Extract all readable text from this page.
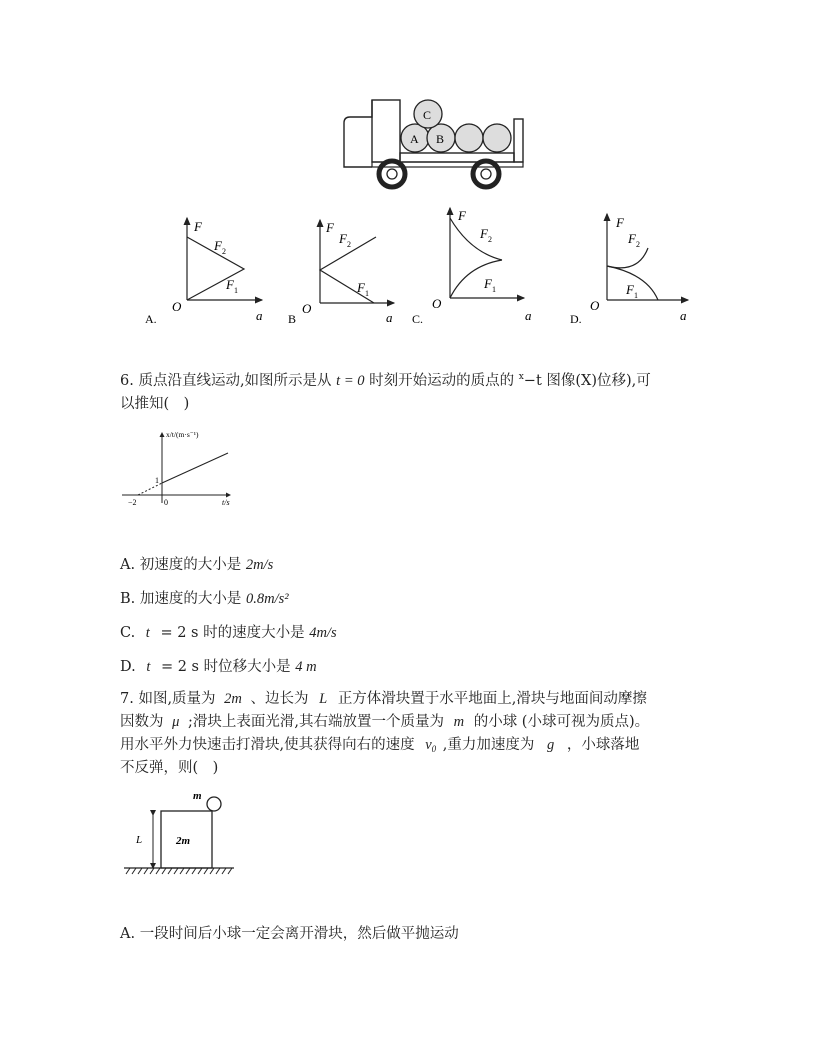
A B
C
A.
F
O
a
F 2
F 1
B
F
O
a
F 2
F 1
C.
F
O
a
F 2
F 1
D.
F
O
a
F 2
F 1
6. 质点沿直线运动,如图所示是从 t = 0 时刻开始运动的质点的 x−t 图像(X)位移),可
以推知(　)
x/t/(m·s⁻¹)
t/s
−2	0
1
A. 初速度的大小是 2m/s
B. 加速度的大小是 0.8m/s²
C. t = 2 s 时的速度大小是 4m/s
D. t = 2 s 时位移大小是 4 m
7. 如图,质量为 2m 、边长为 L 正方体滑块置于水平地面上,滑块与地面间动摩擦
因数为 μ ;滑块上表面光滑,其右端放置一个质量为 m 的小球 (小球可视为质点)。
用水平外力快速击打滑块,使其获得向右的速度 $v_0$ ,重力加速度为 g ，小球落地
不反弹，则(　)
L	2m
m
A. 一段时间后小球一定会离开滑块，然后做平抛运动
